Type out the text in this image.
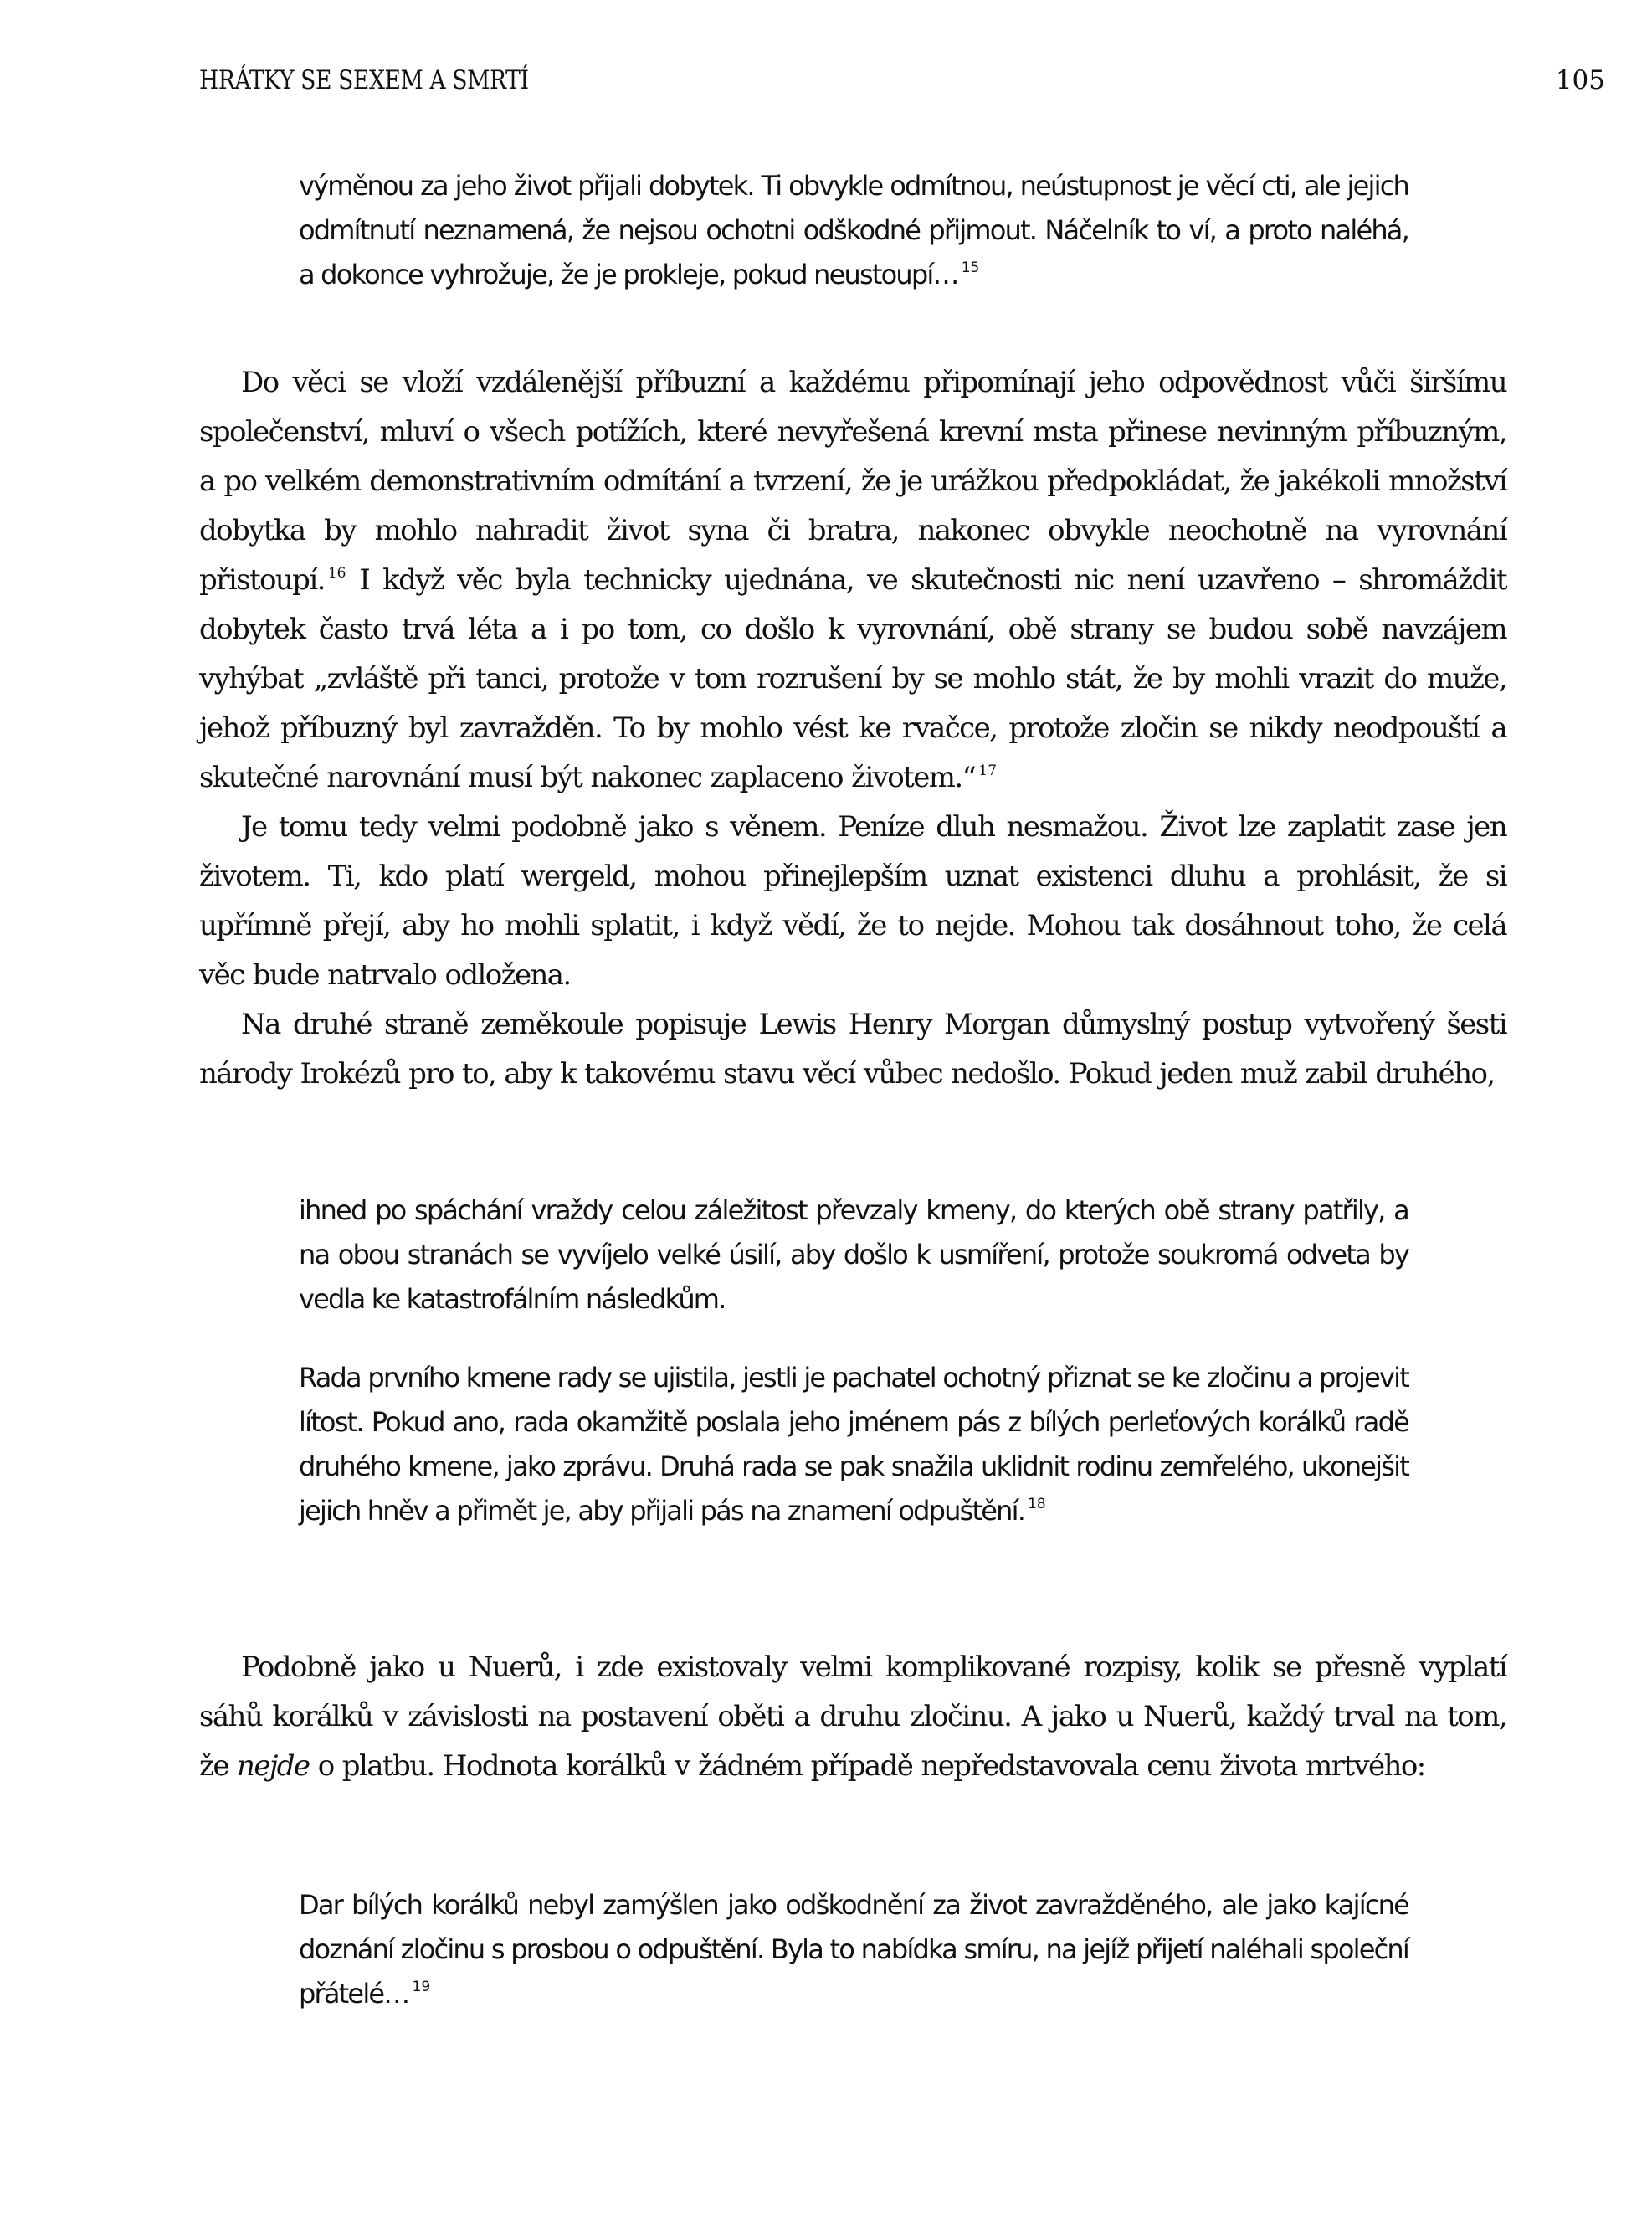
HRÁTKY SE SEXEM A SMRTÍ	105

výměnou za jeho život přijali dobytek. Ti obvykle odmítnou, neústupnost je věcí cti, ale jejich odmítnutí neznamená, že nejsou ochotni odškodné přijmout. Náčelník to ví, a proto naléhá, a dokonce vyhrožuje, že je prokleje, pokud neustoupí… $^{15}$

Do věci se vloží vzdálenější příbuzní a každému připomínají jeho odpovědnost vůči širšímu společenství, mluví o všech potížích, které nevyřešená krevní msta přinese nevinným příbuzným, a po velkém demonstrativním odmítání a tvrzení, že je urážkou předpokládat, že jakékoli množství dobytka by mohlo nahradit život syna či bratra, nakonec obvykle neochotně na vyrovnání přistoupí. $^{16}$ I když věc byla technicky ujednána, ve skutečnosti nic není uzavřeno – shromáždit dobytek často trvá léta a i po tom, co došlo k vyrovnání, obě strany se budou sobě navzájem vyhýbat „zvláště při tanci, protože v tom rozrušení by se mohlo stát, že by mohli vrazit do muže, jehož příbuzný byl zavražděn. To by mohlo vést ke rvačce, protože zločin se nikdy neodpouští a skutečné narovnání musí být nakonec zaplaceno životem.“ $^{17}$

Je tomu tedy velmi podobně jako s věnem. Peníze dluh nesmažou. Život lze zaplatit zase jen životem. Ti, kdo platí wergeld, mohou přinejlepším uznat existenci dluhu a prohlásit, že si upřímně přejí, aby ho mohli splatit, i když vědí, že to nejde. Mohou tak dosáhnout toho, že celá věc bude natrvalo odložena.

Na druhé straně zeměkoule popisuje Lewis Henry Morgan důmyslný postup vytvořený šesti národy Irokézů pro to, aby k takovému stavu věcí vůbec nedošlo. Pokud jeden muž zabil druhého,

ihned po spáchání vraždy celou záležitost převzaly kmeny, do kterých obě strany patřily, a na obou stranách se vyvíjelo velké úsilí, aby došlo k usmíření, protože soukromá odveta by vedla ke katastrofálním následkům.

Rada prvního kmene rady se ujistila, jestli je pachatel ochotný přiznat se ke zločinu a projevit lítost. Pokud ano, rada okamžitě poslala jeho jménem pás z bílých perleťových korálků radě druhého kmene, jako zprávu. Druhá rada se pak snažila uklidnit rodinu zemřelého, ukonejšit jejich hněv a přimět je, aby přijali pás na znamení odpuštění. $^{18}$

Podobně jako u Nuerů, i zde existovaly velmi komplikované rozpisy, kolik se přesně vyplatí sáhů korálků v závislosti na postavení oběti a druhu zločinu. A jako u Nuerů, každý trval na tom, že nejde o platbu. Hodnota korálků v žádném případě nepředstavovala cenu života mrtvého:

Dar bílých korálků nebyl zamýšlen jako odškodnění za život zavražděného, ale jako kajícné doznání zločinu s prosbou o odpuštění. Byla to nabídka smíru, na jejíž přijetí naléhali společní přátelé… $^{19}$
